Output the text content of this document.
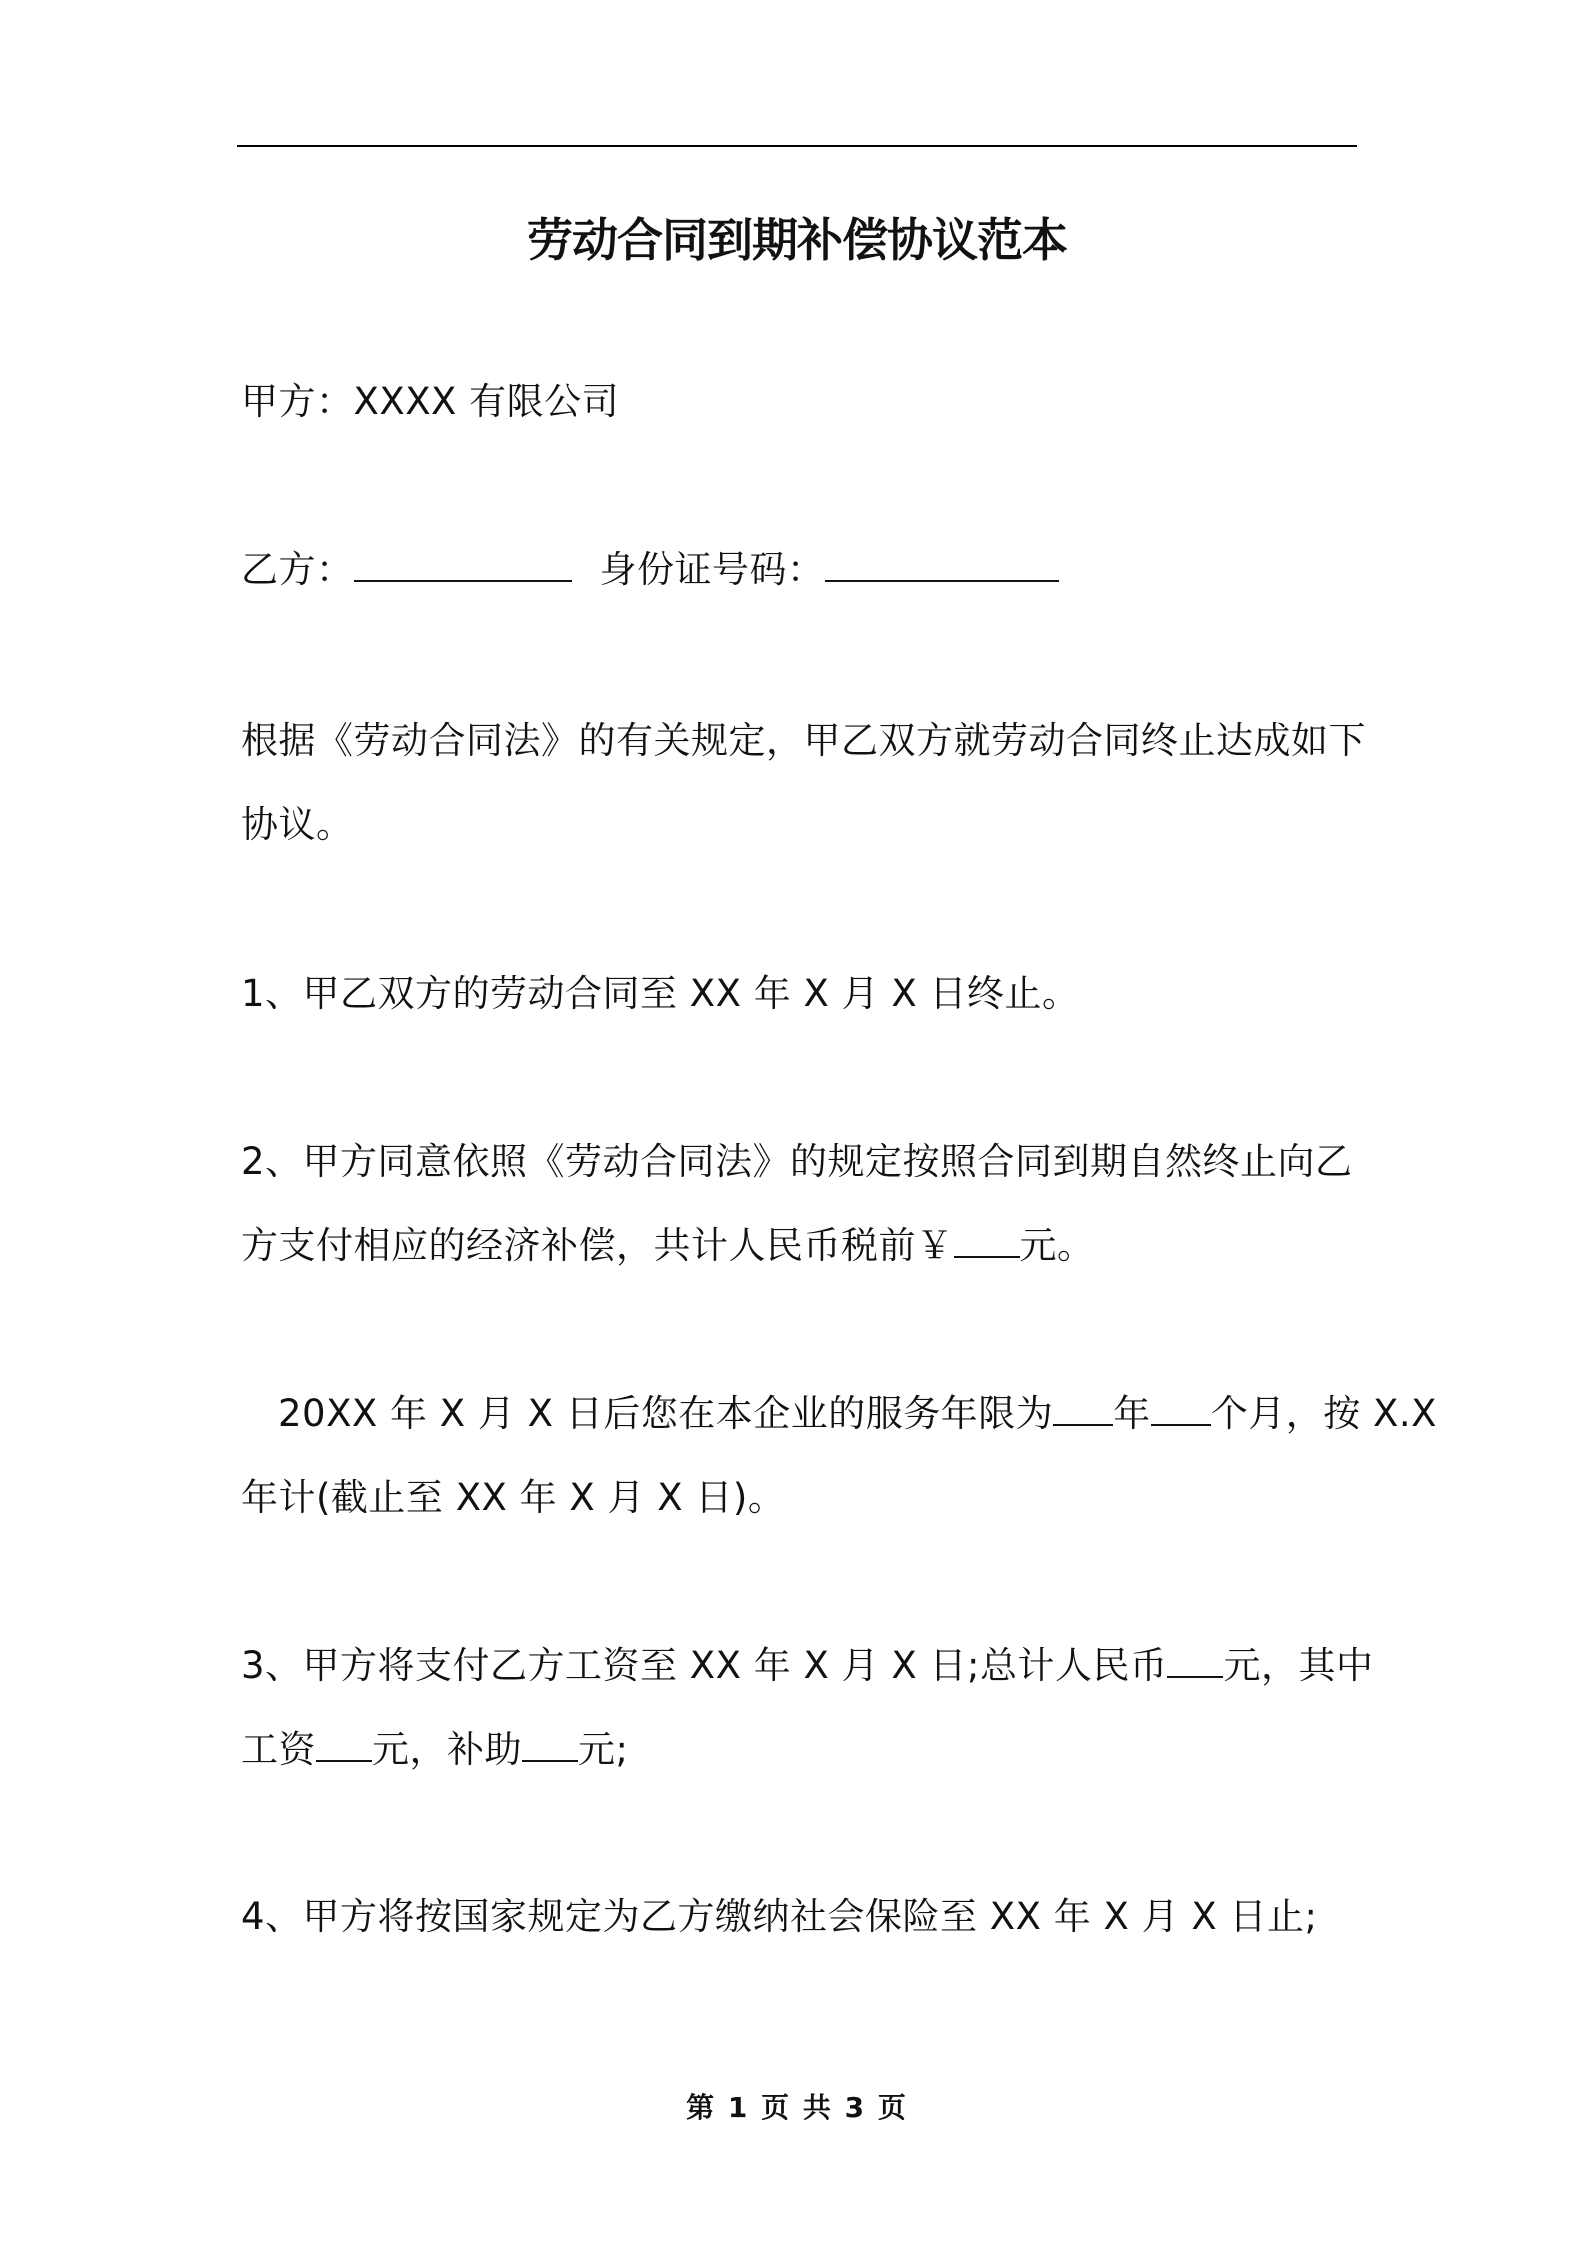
劳动合同到期补偿协议范本
甲方：XXXX 有限公司
乙方：	身份证号码：
根据《劳动合同法》的有关规定，甲乙双方就劳动合同终止达成如下
协议。
1、甲乙双方的劳动合同至 XX 年 X 月 X 日终止。
2、甲方同意依照《劳动合同法》的规定按照合同到期自然终止向乙
方支付相应的经济补偿，共计人民币税前￥ 元。
20XX 年 X 月 X 日后您在本企业的服务年限为 年 个月，按 X.X
年计(截止至 XX 年 X 月 X 日)。
3、甲方将支付乙方工资至 XX 年 X 月 X 日;总计人民币 元，其中
工资 元，补助 元;
4、甲方将按国家规定为乙方缴纳社会保险至 XX 年 X 月 X 日止;
第 1 页 共 3 页
